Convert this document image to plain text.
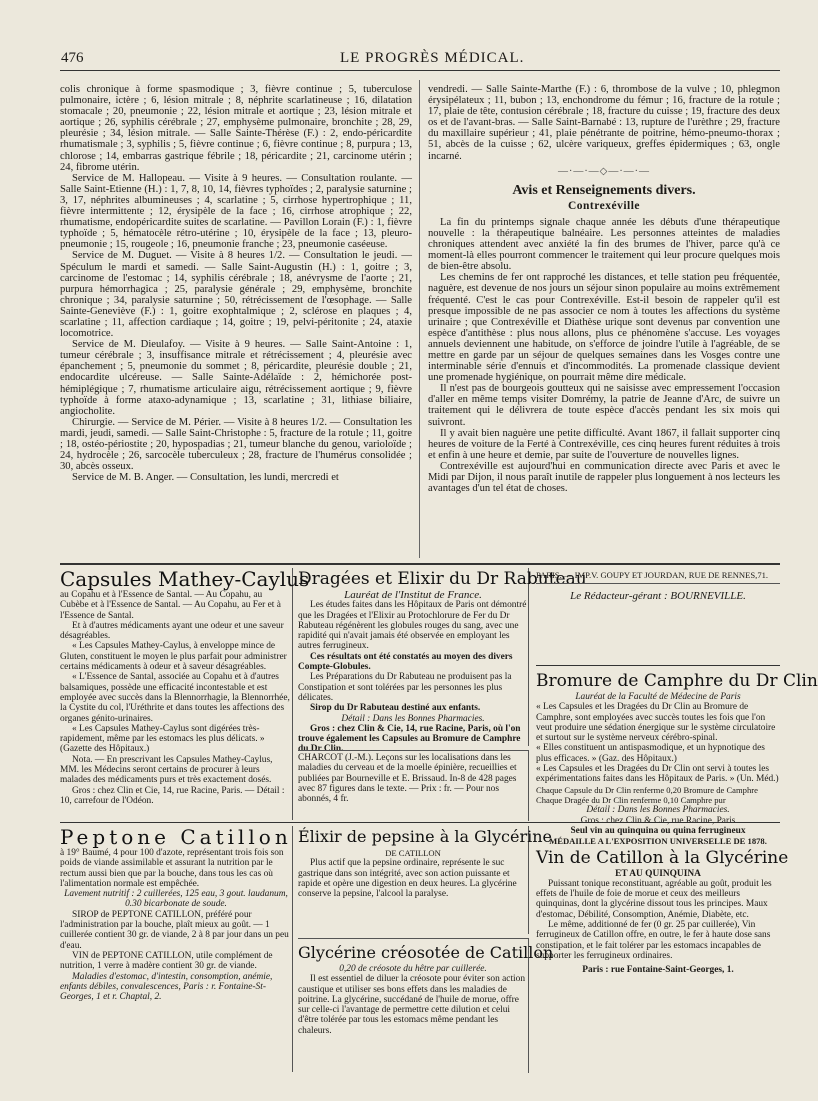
476	LE PROGRÈS MÉDICAL.

colis chronique à forme spasmodique ; 3, fièvre continue ; 5, tuberculose pulmonaire, ictère ; 6, lésion mitrale ; 8, néphrite scarlatineuse ; 16, dilatation stomacale ; 20, pneumonie ; 22, lésion mitrale et aortique ; 23, lésion mitrale et aortique ; 26, syphilis cérébrale ; 27, emphysème pulmonaire, bronchite ; 28, 29, pleurésie ; 34, lésion mitrale. — Salle Sainte-Thérèse (F.) : 2, endo-péricardite rhumatismale ; 3, syphilis ; 5, fièvre continue ; 6, fièvre continue ; 8, purpura ; 13, chlorose ; 14, embarras gastrique fébrile ; 18, péricardite ; 21, carcinome utérin ; 24, fibrome utérin.

Service de M. Hallopeau. — Visite à 9 heures. — Consultation roulante. — Salle Saint-Etienne (H.) : 1, 7, 8, 10, 14, fièvres typhoïdes ; 2, paralysie saturnine ; 3, 17, néphrites albumineuses ; 4, scarlatine ; 5, cirrhose hypertrophique ; 11, fièvre intermittente ; 12, érysipèle de la face ; 16, cirrhose atrophique ; 22, rhumatisme, endopéricardite suites de scarlatine. — Pavillon Lorain (F.) : 1, fièvre typhoïde ; 5, hématocèle rétro-utérine ; 10, érysipèle de la face ; 13, pleuro-pneumonie ; 15, rougeole ; 16, pneumonie franche ; 23, pneumonie caséeuse.

Service de M. Duguet. — Visite à 8 heures 1/2. — Consultation le jeudi. — Spéculum le mardi et samedi. — Salle Saint-Augustin (H.) : 1, goitre ; 3, carcinome de l'estomac ; 14, syphilis cérébrale ; 18, anévrysme de l'aorte ; 21, purpura hémorrhagica ; 25, paralysie générale ; 29, emphysème, bronchite chronique ; 34, paralysie saturnine ; 50, rétrécissement de l'œsophage. — Salle Sainte-Geneviève (F.) : 1, goitre exophtalmique ; 2, sclérose en plaques ; 4, scarlatine ; 11, affection cardiaque ; 14, goitre ; 19, pelvi-péritonite ; 24, ataxie locomotrice.

Service de M. Dieulafoy. — Visite à 9 heures. — Salle Saint-Antoine : 1, tumeur cérébrale ; 3, insuffisance mitrale et rétrécissement ; 4, pleurésie avec épanchement ; 5, pneumonie du sommet ; 8, péricardite, pleurésie double ; 21, endocardite ulcéreuse. — Salle Sainte-Adélaïde : 2, hémichorée post-hémiplégique ; 7, rhumatisme articulaire aigu, rétrécissement aortique ; 9, fièvre typhoïde à forme ataxo-adynamique ; 13, scarlatine ; 31, lithiase biliaire, angiocholite.

Chirurgie. — Service de M. Périer. — Visite à 8 heures 1/2. — Consultation les mardi, jeudi, samedi. — Salle Saint-Christophe : 5, fracture de la rotule ; 11, goitre ; 18, ostéo-périostite ; 20, hypospadias ; 21, tumeur blanche du genou, varioloïde ; 24, hydrocèle ; 26, sarcocèle tuberculeux ; 28, fracture de l'humérus consolidée ; 30, abcès osseux.

Service de M. B. Anger. — Consultation, les lundi, mercredi et

vendredi. — Salle Sainte-Marthe (F.) : 6, thrombose de la vulve ; 10, phlegmon érysipélateux ; 11, bubon ; 13, enchondrome du fémur ; 16, fracture de la rotule ; 17, plaie de tête, contusion cérébrale ; 18, fracture du cuisse ; 19, fracture des deux os et de l'avant-bras. — Salle Saint-Barnabé : 13, rupture de l'urèthre ; 29, fracture du maxillaire supérieur ; 41, plaie pénétrante de poitrine, hémo-pneumo-thorax ; 51, abcès de la cuisse ; 62, ulcère variqueux, greffes épidermiques ; 63, ongle incarné.

—·—·—◇—·—·—
Avis et Renseignements divers.
Contrexéville

La fin du printemps signale chaque année les débuts d'une thérapeutique nouvelle : la thérapeutique balnéaire. Les personnes atteintes de maladies chroniques attendent avec anxiété la fin des brumes de l'hiver, parce qu'à ce moment-là elles pourront commencer le traitement qui leur procure quelques mois de bien-être absolu.

Les chemins de fer ont rapproché les distances, et telle station peu fréquentée, naguère, est devenue de nos jours un séjour sinon populaire au moins extrêmement fréquenté. C'est le cas pour Contrexéville. Est-il besoin de rappeler qu'il est presque impossible de ne pas associer ce nom à toutes les affections du système urinaire ; que Contrexéville et Diathèse urique sont devenus par convention une espèce d'antithèse : plus nous allons, plus ce phénomène s'accuse. Les voyages annuels deviennent une habitude, on s'efforce de joindre l'utile à l'agréable, de se mettre en garde par un séjour de quelques semaines dans les Vosges contre une interminable série d'ennuis et d'incommodités. La promenade classique devient une promenade hygiénique, on pourrait même dire médicale.

Il n'est pas de bourgeois goutteux qui ne saisisse avec empressement l'occasion d'aller en même temps visiter Domrémy, la patrie de Jeanne d'Arc, de suivre un traitement qui le délivrera de toute espèce d'accès pendant les six mois qui suivront.

Il y avait bien naguère une petite difficulté. Avant 1867, il fallait supporter cinq heures de voiture de la Ferté à Contrexéville, ces cinq heures furent réduites à trois et enfin à une heure et demie, par suite de l'ouverture de nouvelles lignes.

Contrexéville est aujourd'hui en communication directe avec Paris et avec le Midi par Dijon, il nous paraît inutile de rappeler plus longuement à nos lecteurs les avantages d'un tel état de choses.

Capsules Mathey-Caylus

au Copahu et à l'Essence de Santal. — Au Copahu, au Cubèbe et à l'Essence de Santal. — Au Copahu, au Fer et à l'Essence de Santal.

Et à d'autres médicaments ayant une odeur et une saveur désagréables.

« Les Capsules Mathey-Caylus, à enveloppe mince de Gluten, constituent le moyen le plus parfait pour administrer certains médicaments à odeur et à saveur désagréables.

« L'Essence de Santal, associée au Copahu et à d'autres balsamiques, possède une efficacité incontestable et est employée avec succès dans la Blennorrhagie, la Blennorrhée, la Cystite du col, l'Uréthrite et dans toutes les affections des organes génito-urinaires.

« Les Capsules Mathey-Caylus sont digérées très-rapidement, même par les estomacs les plus délicats. » (Gazette des Hôpitaux.)

Nota. — En prescrivant les Capsules Mathey-Caylus, MM. les Médecins seront certains de procurer à leurs malades des médicaments purs et très exactement dosés.

Gros : chez Clin et Cie, 14, rue Racine, Paris. — Détail : 10, carrefour de l'Odéon.

Dragées et Elixir du Dr Rabuteau
Lauréat de l'Institut de France.

Les études faites dans les Hôpitaux de Paris ont démontré que les Dragées et l'Elixir au Protochlorure de Fer du Dr Rabuteau régénèrent les globules rouges du sang, avec une rapidité qui n'avait jamais été observée en employant les autres ferrugineux.

Ces résultats ont été constatés au moyen des divers Compte-Globules.

Les Préparations du Dr Rabuteau ne produisent pas la Constipation et sont tolérées par les personnes les plus délicates.

Sirop du Dr Rabuteau destiné aux enfants.

Détail : Dans les Bonnes Pharmacies.

Gros : chez Clin & Cie, 14, rue Racine, Paris, où l'on trouve également les Capsules au Bromure de Camphre du Dr Clin.

CHARCOT (J.-M.). Leçons sur les localisations dans les maladies du cerveau et de la moelle épinière, recueillies et publiées par Bourneville et E. Brissaud. In-8 de 428 pages avec 87 figures dans le texte. — Prix : fr. — Pour nos abonnés, 4 fr.

PARIS. — IMP.V. GOUPY ET JOURDAN, RUE DE RENNES,71.

Le Rédacteur-gérant : BOURNEVILLE.

Bromure de Camphre du Dr Clin
Lauréat de la Faculté de Médecine de Paris

« Les Capsules et les Dragées du Dr Clin au Bromure de Camphre, sont employées avec succès toutes les fois que l'on veut produire une sédation énergique sur le système circulatoire et surtout sur le système nerveux cérébro-spinal.

« Elles constituent un antispasmodique, et un hypnotique des plus efficaces. » (Gaz. des Hôpitaux.)

« Les Capsules et les Dragées du Dr Clin ont servi à toutes les expérimentations faites dans les Hôpitaux de Paris. » (Un. Méd.)

Chaque Capsule du Dr Clin renferme 0,20 Bromure de Camphre

Chaque Dragée du Dr Clin renferme 0,10 Camphre pur

Détail : Dans les Bonnes Pharmacies.

Gros : chez Clin & Cie, rue Racine, Paris

Peptone Catillon

à 19° Baumé, 4 pour 100 d'azote, représentant trois fois son poids de viande assimilable et assurant la nutrition par le rectum aussi bien que par la bouche, dans tous les cas où l'alimentation normale est empêchée.

Lavement nutritif : 2 cuillerées, 125 eau, 3 gout. laudanum, 0.30 bicarbonate de soude.

SIROP de PEPTONE CATILLON, préféré pour l'administration par la bouche, plaît mieux au goût. — 1 cuillerée contient 30 gr. de viande, 2 à 8 par jour dans un peu d'eau.

VIN de PEPTONE CATILLON, utile complément de nutrition, 1 verre à madère contient 30 gr. de viande.

Maladies d'estomac, d'intestin, consomption, anémie, enfants débiles, convalescences, Paris : r. Fontaine-St-Georges, 1 et r. Chaptal, 2.

Élixir de pepsine à la Glycérine
DE CATILLON

Plus actif que la pepsine ordinaire, représente le suc gastrique dans son intégrité, avec son action puissante et rapide et opère une digestion en deux heures. La glycérine conserve la pepsine, l'alcool la paralyse.

Glycérine créosotée de Catillon
0,20 de créosote du hêtre par cuillerée.

Il est essentiel de diluer la créosote pour éviter son action caustique et utiliser ses bons effets dans les maladies de poitrine. La glycérine, succédané de l'huile de morue, offre sur celle-ci l'avantage de permettre cette dilution et celui d'être tolérée par tous les estomacs même pendant les chaleurs.

Seul vin au quinquina ou quina ferrugineux
MÉDAILLE A L'EXPOSITION UNIVERSELLE DE 1878.
Vin de Catillon à la Glycérine
ET AU QUINQUINA

Puissant tonique reconstituant, agréable au goût, produit les effets de l'huile de foie de morue et ceux des meilleurs quinquinas, dont la glycérine dissout tous les principes. Maux d'estomac, Débilité, Consomption, Anémie, Diabète, etc.

Le même, additionné de fer (0 gr. 25 par cuillerée), Vin ferrugineux de Catillon offre, en outre, le fer à haute dose sans constipation, et le fait tolérer par les estomacs incapables de supporter les ferrugineux ordinaires.

Paris : rue Fontaine-Saint-Georges, 1.
